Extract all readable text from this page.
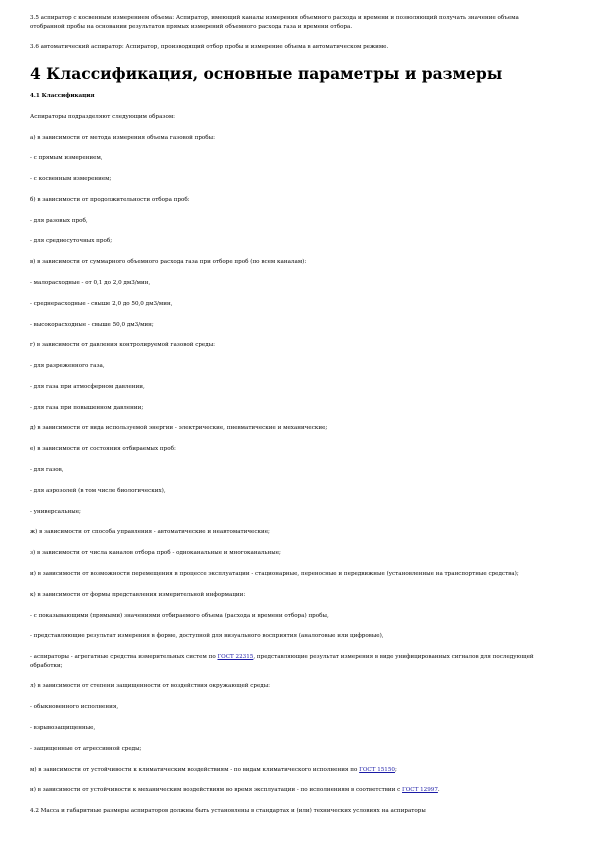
3.5 аспиратор с косвенным измерением объема: Аспиратор, имеющий каналы измерения объемного расхода и времени и позволяющий получать значение объема отобранной пробы на основании результатов прямых измерений объемного расхода газа и времени отбора.

3.6 автоматический аспиратор: Аспиратор, производящий отбор пробы и измерение объема в автоматическом режиме.

4 Классификация, основные параметры и размеры

4.1 Классификация

Аспираторы подразделяют следующим образом:

а) в зависимости от метода измерения объема газовой пробы:

- с прямым измерением,

- с косвенным измерением;

б) в зависимости от продолжительности отбора проб:

- для разовых проб,

- для среднесуточных проб;

в) в зависимости от суммарного объемного расхода газа при отборе проб (по всем каналам):

- малорасходные - от 0,1 до 2,0 дм3/мин,

- среднерасходные - свыше 2,0 до 50,0 дм3/мин,

- высокорасходные - свыше 50,0 дм3/мин;

г) в зависимости от давления контролируемой газовой среды:

- для разреженного газа,

- для газа при атмосферном давлении,

- для газа при повышенном давлении;

д) в зависимости от вида используемой энергии - электрические, пневматические и механические;

е) в зависимости от состояния отбираемых проб:

- для газов,

- для аэрозолей (в том числе биологических),

- универсальные;

ж) в зависимости от способа управления - автоматические и неавтоматические;

з) в зависимости от числа каналов отбора проб - одноканальные и многоканальные;

и) в зависимости от возможности перемещения в процессе эксплуатации - стационарные, переносные и передвижные (установленные на транспортные средства);

к) в зависимости от формы представления измерительной информации:

- с показывающими (прямыми) значениями отбираемого объема (расхода и времени отбора) пробы,

- представляющие результат измерения в форме, доступной для визуального восприятия (аналоговые или цифровые),

- аспираторы - агрегатные средства измерительных систем по ГОСТ 22315, представляющие результат измерения в виде унифицированных сигналов для последующей обработки;

л) в зависимости от степени защищенности от воздействия окружающей среды:

- обыкновенного исполнения,

- взрывозащищенные,

- защищенные от агрессивной среды;

м) в зависимости от устойчивости к климатическим воздействиям - по видам климатического исполнения по ГОСТ 15150;

н) в зависимости от устойчивости к механическим воздействиям во время эксплуатации - по исполнениям в соответствии с ГОСТ 12997.

4.2 Масса и габаритные размеры аспираторов должны быть установлены в стандартах и (или) технических условиях на аспираторы
